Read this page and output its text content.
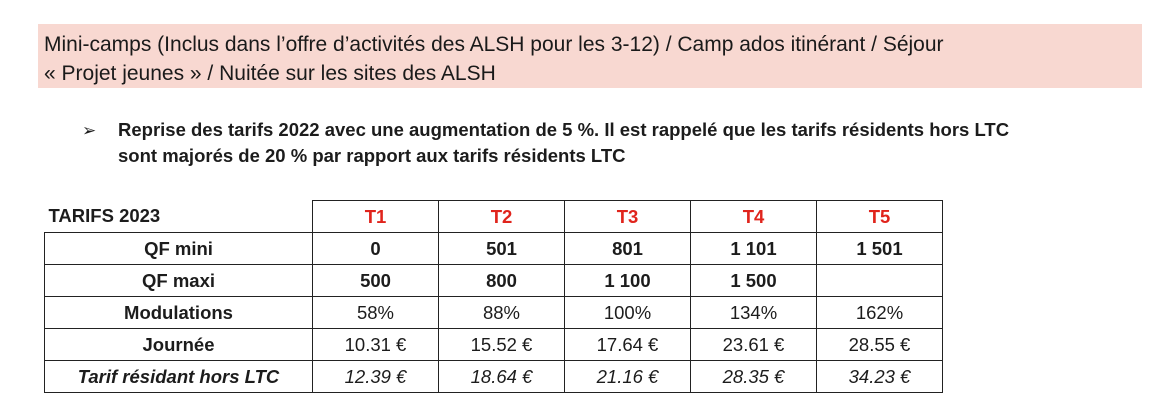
Mini-camps (Inclus dans l’offre d’activités des ALSH pour les 3-12) / Camp ados itinérant / Séjour
« Projet jeunes » / Nuitée sur les sites des ALSH
➢ Reprise des tarifs 2022 avec une augmentation de 5 %. Il est rappelé que les tarifs résidents hors LTC
sont majorés de 20 % par rapport aux tarifs résidents LTC
TARIFS 2023	T1	T2	T3	T4	T5
QF mini	0	501	801	1 101	1 501
QF maxi	500	800	1 100	1 500	
Modulations	58%	88%	100%	134%	162%
Journée	10.31 €	15.52 €	17.64 €	23.61 €	28.55 €
Tarif résidant hors LTC	12.39 €	18.64 €	21.16 €	28.35 €	34.23 €
